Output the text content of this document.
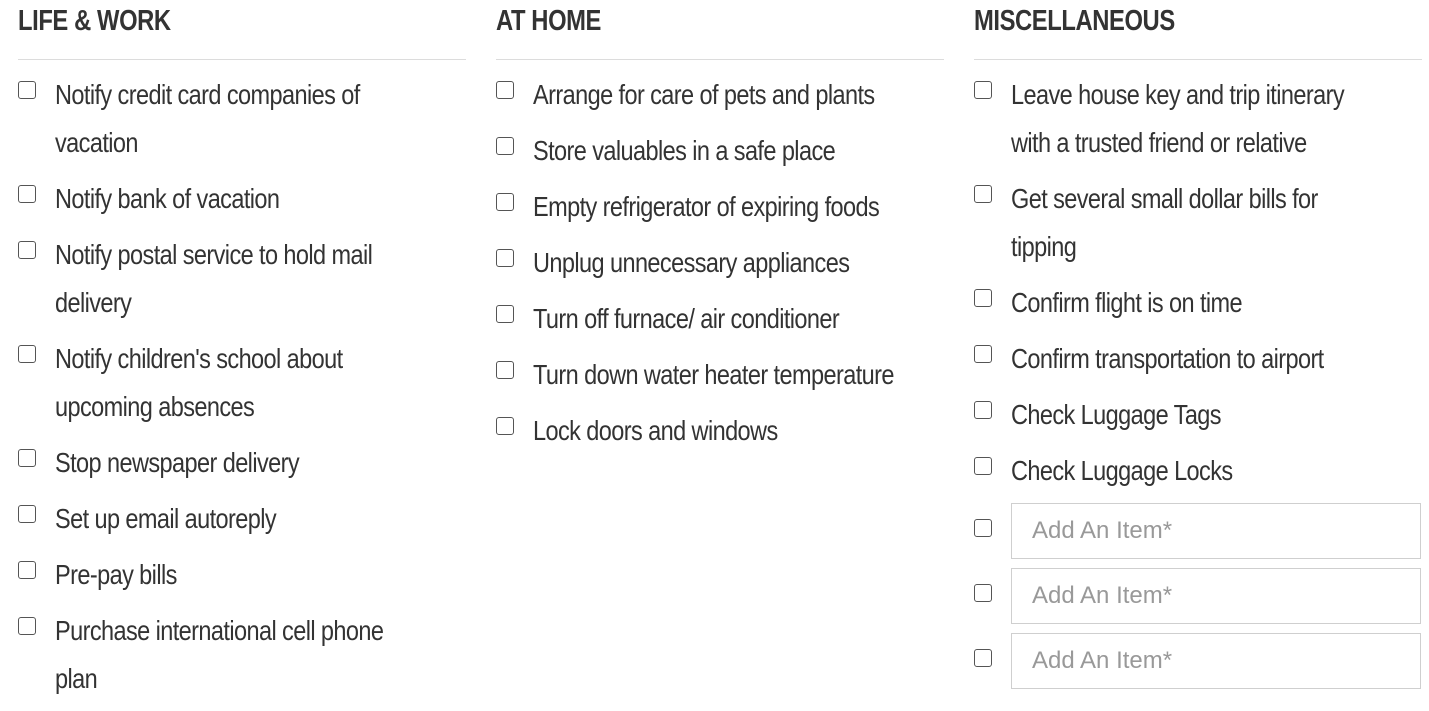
LIFE & WORK
Notify credit card companies of vacation
Notify bank of vacation
Notify postal service to hold mail delivery
Notify children's school about upcoming absences
Stop newspaper delivery
Set up email autoreply
Pre-pay bills
Purchase international cell phone plan
AT HOME
Arrange for care of pets and plants
Store valuables in a safe place
Empty refrigerator of expiring foods
Unplug unnecessary appliances
Turn off furnace/ air conditioner
Turn down water heater temperature
Lock doors and windows
MISCELLANEOUS
Leave house key and trip itinerary with a trusted friend or relative
Get several small dollar bills for tipping
Confirm flight is on time
Confirm transportation to airport
Check Luggage Tags
Check Luggage Locks
Add An Item*
Add An Item*
Add An Item*
